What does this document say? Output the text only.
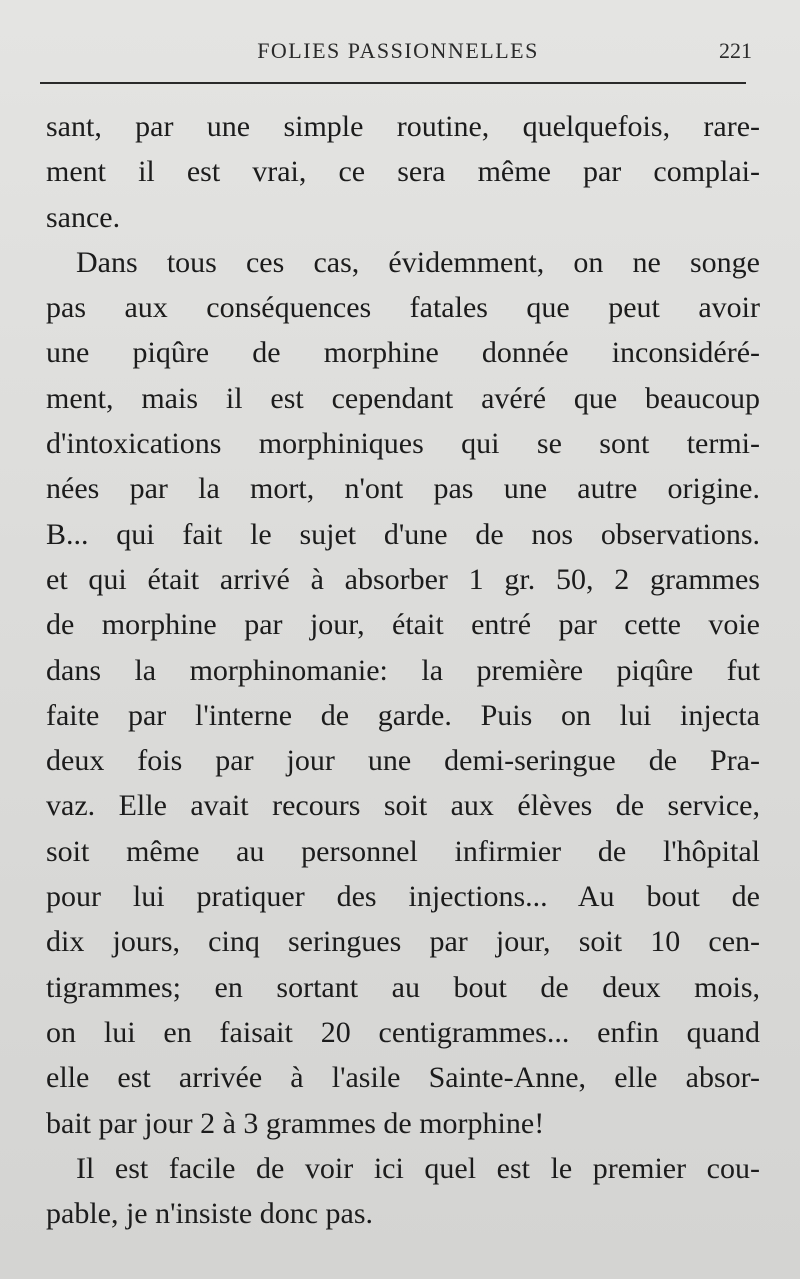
FOLIES PASSIONNELLES	221
sant, par une simple routine, quelquefois, rare-
ment il est vrai, ce sera même par complai-
sance.
Dans tous ces cas, évidemment, on ne songe
pas aux conséquences fatales que peut avoir
une piqûre de morphine donnée inconsidéré-
ment, mais il est cependant avéré que beaucoup
d'intoxications morphiniques qui se sont termi-
nées par la mort, n'ont pas une autre origine.
B... qui fait le sujet d'une de nos observations.
et qui était arrivé à absorber 1 gr. 50, 2 grammes
de morphine par jour, était entré par cette voie
dans la morphinomanie: la première piqûre fut
faite par l'interne de garde. Puis on lui injecta
deux fois par jour une demi-seringue de Pra-
vaz. Elle avait recours soit aux élèves de service,
soit même au personnel infirmier de l'hôpital
pour lui pratiquer des injections... Au bout de
dix jours, cinq seringues par jour, soit 10 cen-
tigrammes; en sortant au bout de deux mois,
on lui en faisait 20 centigrammes... enfin quand
elle est arrivée à l'asile Sainte-Anne, elle absor-
bait par jour 2 à 3 grammes de morphine!
Il est facile de voir ici quel est le premier cou-
pable, je n'insiste donc pas.
